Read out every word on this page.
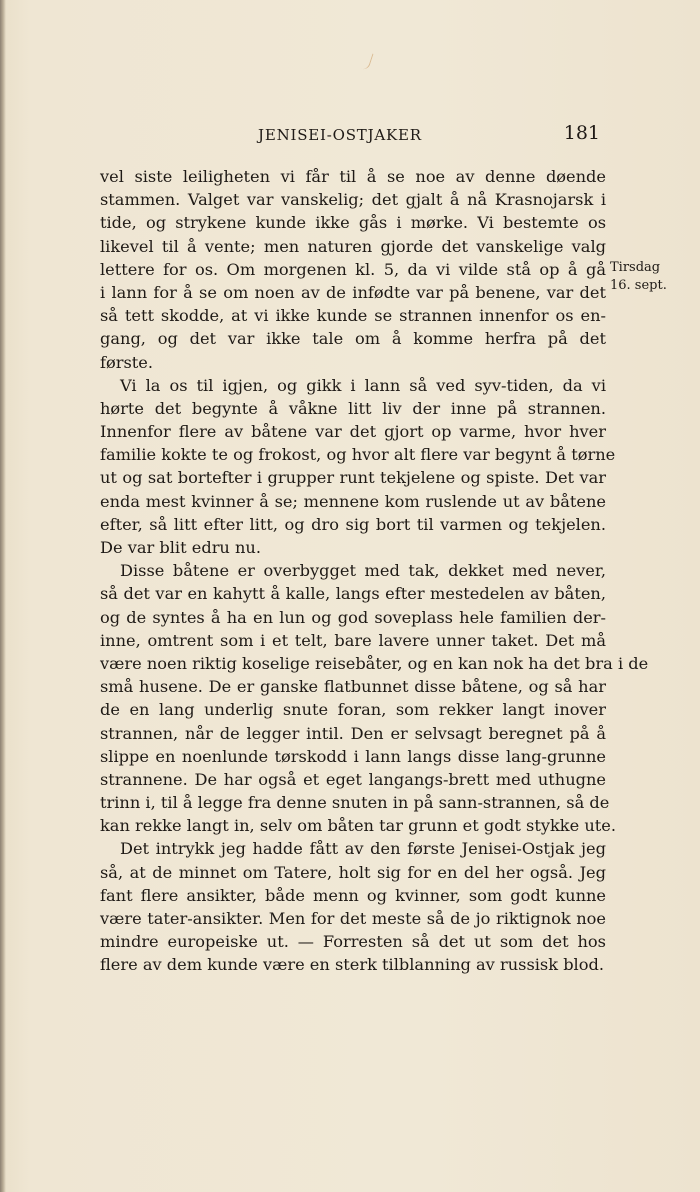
JENISEI-OSTJAKER	181
vel siste leiligheten vi får til å se noe av denne døende
stammen. Valget var vanskelig; det gjalt å nå Krasnojarsk i
tide, og strykene kunde ikke gås i mørke. Vi bestemte os
likevel til å vente; men naturen gjorde det vanskelige valg
lettere for os. Om morgenen kl. 5, da vi vilde stå op å gå
i lann for å se om noen av de infødte var på benene, var det
så tett skodde, at vi ikke kunde se strannen innenfor os en-
gang, og det var ikke tale om å komme herfra på det
første.
Vi la os til igjen, og gikk i lann så ved syv-tiden, da vi
hørte det begynte å våkne litt liv der inne på strannen.
Innenfor flere av båtene var det gjort op varme, hvor hver
familie kokte te og frokost, og hvor alt flere var begynt å tørne
ut og sat bortefter i grupper runt tekjelene og spiste. Det var
enda mest kvinner å se; mennene kom ruslende ut av båtene
efter, så litt efter litt, og dro sig bort til varmen og tekjelen.
De var blit edru nu.
Disse båtene er overbygget med tak, dekket med never,
så det var en kahytt å kalle, langs efter mestedelen av båten,
og de syntes å ha en lun og god soveplass hele familien der-
inne, omtrent som i et telt, bare lavere unner taket. Det må
være noen riktig koselige reisebåter, og en kan nok ha det bra i de
små husene. De er ganske flatbunnet disse båtene, og så har
de en lang underlig snute foran, som rekker langt inover
strannen, når de legger intil. Den er selvsagt beregnet på å
slippe en noenlunde tørskodd i lann langs disse lang-grunne
strannene. De har også et eget langangs-brett med uthugne
trinn i, til å legge fra denne snuten in på sann-strannen, så de
kan rekke langt in, selv om båten tar grunn et godt stykke ute.
Det intrykk jeg hadde fått av den første Jenisei-Ostjak jeg
så, at de minnet om Tatere, holt sig for en del her også. Jeg
fant flere ansikter, både menn og kvinner, som godt kunne
være tater-ansikter. Men for det meste så de jo riktignok noe
mindre europeiske ut. — Forresten så det ut som det hos
flere av dem kunde være en sterk tilblanning av russisk blod.
Tirsdag
16. sept.
